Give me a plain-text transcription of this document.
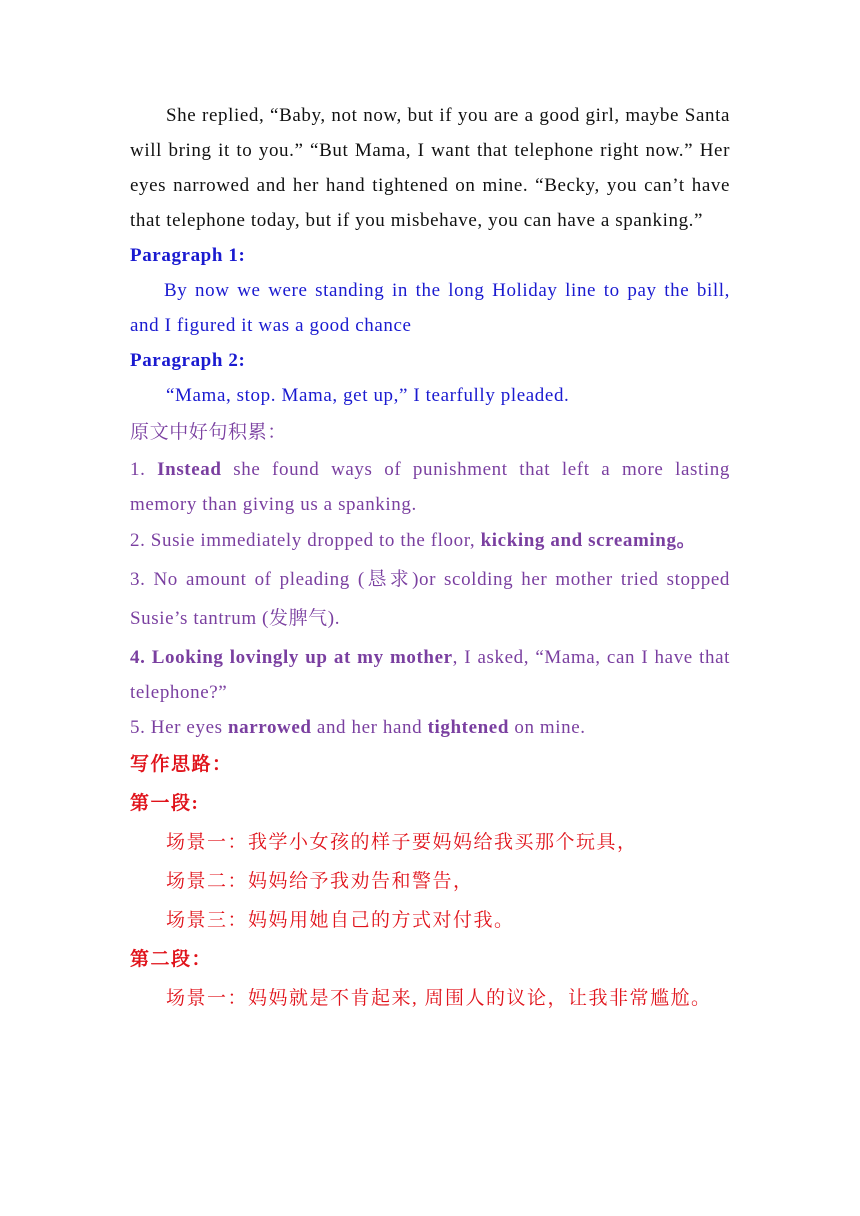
She replied, “Baby, not now, but if you are a good girl, maybe Santa will bring it to you.” “But Mama, I want that telephone right now.” Her eyes narrowed and her hand tightened on mine. “Becky, you can’t have that telephone today, but if you misbehave, you can have a spanking.”

Paragraph 1:

By now we were standing in the long Holiday line to pay the bill, and I figured it was a good chance

Paragraph 2:

“Mama, stop. Mama, get up,” I tearfully pleaded.

原文中好句积累：

1. Instead she found ways of punishment that left a more lasting memory than giving us a spanking.

2. Susie immediately dropped to the floor, kicking and screaming。

3. No amount of pleading (恳求)or scolding her mother tried stopped Susie’s tantrum (发脾气).

4. Looking lovingly up at my mother, I asked, “Mama, can I have that telephone?”

5. Her eyes narrowed and her hand tightened on mine.

写作思路：

第一段:

场景一：我学小女孩的样子要妈妈给我买那个玩具，

场景二：妈妈给予我劝告和警告，

场景三：妈妈用她自己的方式对付我。

第二段：

场景一：妈妈就是不肯起来, 周围人的议论，让我非常尴尬。
